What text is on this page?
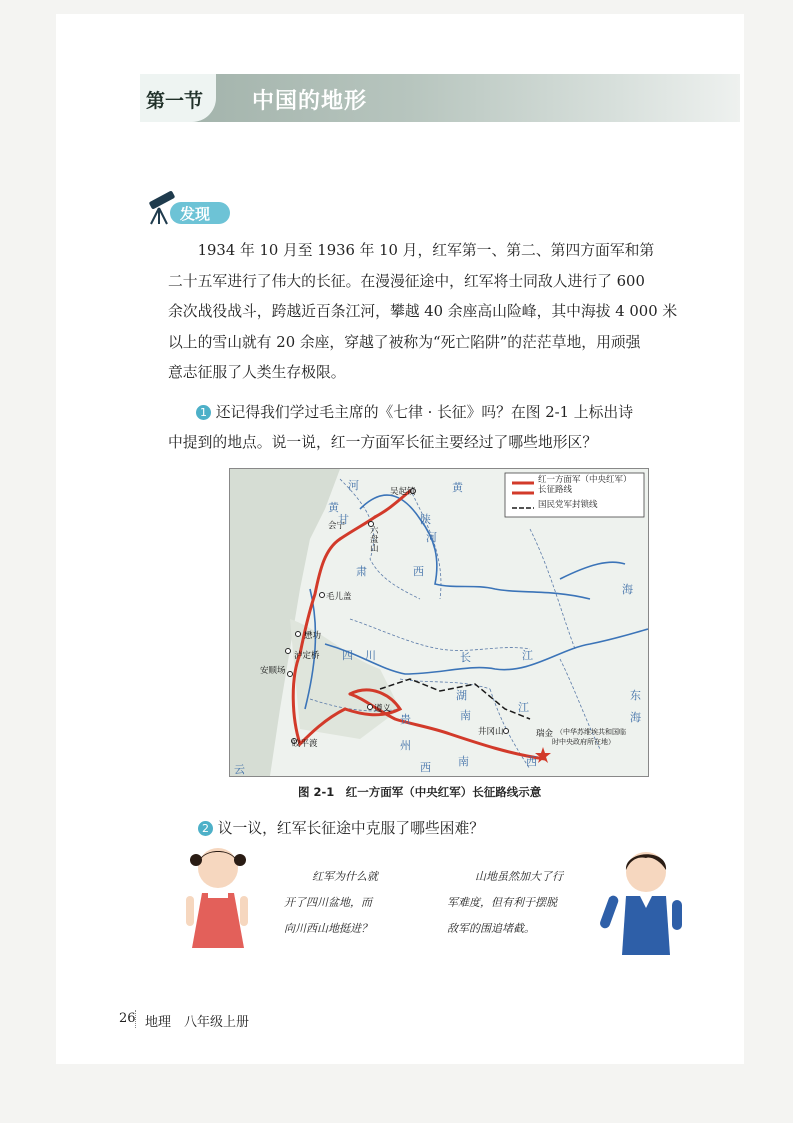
第一节 中国的地形
发现
1934 年 10 月至 1936 年 10 月，红军第一、第二、第四方面军和第
二十五军进行了伟大的长征。在漫漫征途中，红军将士同敌人进行了 600
余次战役战斗，跨越近百条江河，攀越 40 余座高山险峰，其中海拔 4 000 米
以上的雪山就有 20 余座，穿越了被称为“死亡陷阱”的茫茫草地，用顽强
意志征服了人类生存极限。
1 还记得我们学过毛主席的《七律 · 长征》吗？在图 2-1 上标出诗
中提到的地点。说一说，红一方面军长征主要经过了哪些地形区？
红一方面军（中央红军）
长征路线
国民党军封锁线
吴起镇
会宁	六盘山
毛儿盖
懋功
泸定桥
安顺场
皎平渡
遵义
瑞金
井冈山	（中华苏维埃共和国临
时中央政府所在地）
河
黄
甘	陕
肃	西
河
黄
海
四 川	长	江
湖
南
东
海
贵
州
西 南
江
西
云
图 2-1　红一方面军（中央红军）长征路线示意
2 议一议，红军长征途中克服了哪些困难？
红军为什么就
开了四川盆地，而
向川西山地挺进？
山地虽然加大了行
军难度，但有利于摆脱
敌军的围追堵截。
26 地理　八年级上册
